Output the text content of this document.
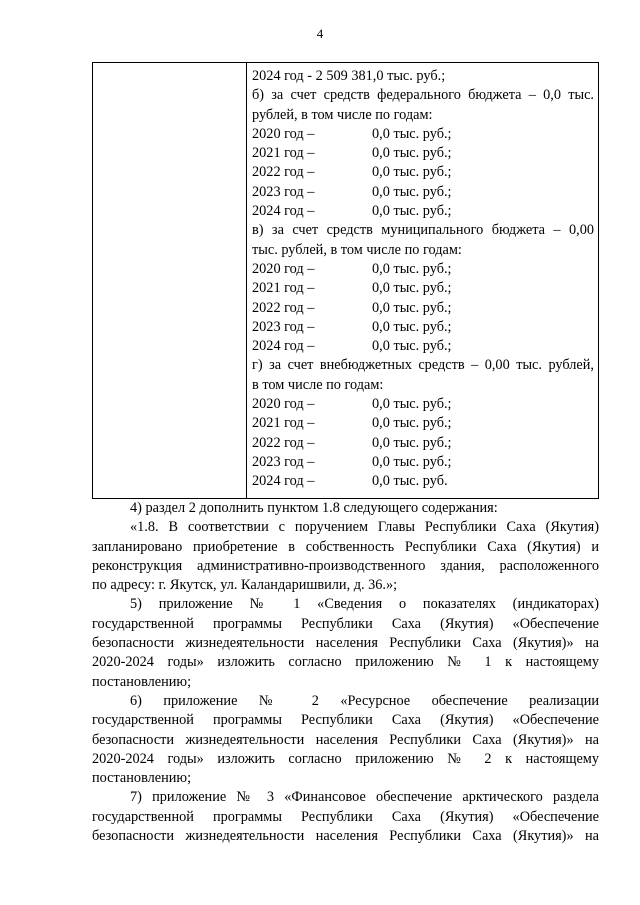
4

2024 год - 2 509 381,0 тыс. руб.;
б) за счет средств федерального бюджета – 0,0 тыс.
рублей, в том числе по годам:
2020 год –	0,0 тыс. руб.;
2021 год –	0,0 тыс. руб.;
2022 год –	0,0 тыс. руб.;
2023 год –	0,0 тыс. руб.;
2024 год –	0,0 тыс. руб.;
в) за счет средств муниципального бюджета – 0,00
тыс. рублей, в том числе по годам:
2020 год –	0,0 тыс. руб.;
2021 год –	0,0 тыс. руб.;
2022 год –	0,0 тыс. руб.;
2023 год –	0,0 тыс. руб.;
2024 год –	0,0 тыс. руб.;
г) за счет внебюджетных средств – 0,00 тыс. рублей,
в том числе по годам:
2020 год –	0,0 тыс. руб.;
2021 год –	0,0 тыс. руб.;
2022 год –	0,0 тыс. руб.;
2023 год –	0,0 тыс. руб.;
2024 год –	0,0 тыс. руб.
4) раздел 2 дополнить пунктом 1.8 следующего содержания:
«1.8. В соответствии с поручением Главы Республики Саха (Якутия)
запланировано приобретение в собственность Республики Саха (Якутия) и
реконструкция административно-производственного здания, расположенного
по адресу: г. Якутск, ул. Каландаришвили, д. 36.»;
5) приложение № 1 «Сведения о показателях (индикаторах)
государственной программы Республики Саха (Якутия) «Обеспечение
безопасности жизнедеятельности населения Республики Саха (Якутия)» на
2020-2024 годы» изложить согласно приложению № 1 к настоящему
постановлению;
6) приложение № 2 «Ресурсное обеспечение реализации
государственной программы Республики Саха (Якутия) «Обеспечение
безопасности жизнедеятельности населения Республики Саха (Якутия)» на
2020-2024 годы» изложить согласно приложению № 2 к настоящему
постановлению;
7) приложение № 3 «Финансовое обеспечение арктического раздела
государственной программы Республики Саха (Якутия) «Обеспечение
безопасности жизнедеятельности населения Республики Саха (Якутия)» на
